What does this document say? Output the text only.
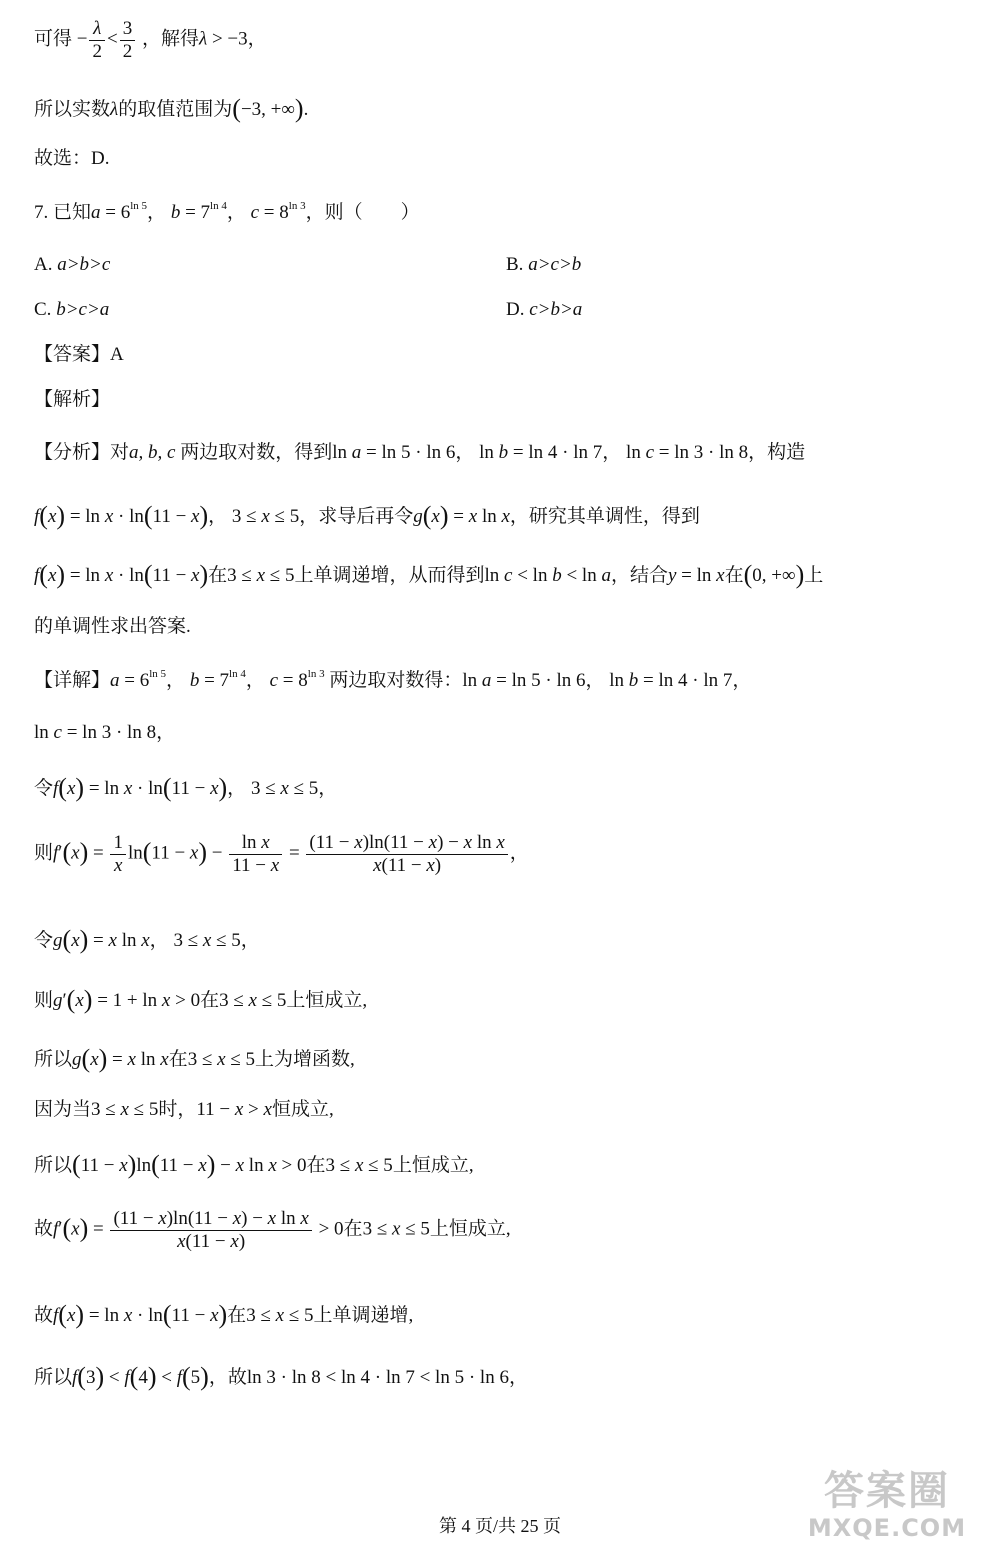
可得 − $\frac{\lambda}{2} < \frac{3}{2}$ ，解得λ > −3，
所以实数λ的取值范围为(−3, +∞).
故选：D.
7. 已知$a = 6^{ln 5}$， $b = 7^{ln 4}$， $c = 8^{ln 3}$，则（　　）
A. a>b>c	B. a>c>b
C. b>c>a	D. c>b>a
【答案】A
【解析】
【分析】对a, b, c 两边取对数，得到ln a = ln 5 · ln 6， ln b = ln 4 · ln 7， ln c = ln 3 · ln 8，构造
f(x) = ln x · ln(11 − x)， 3 ≤ x ≤ 5，求导后再令g(x) = x ln x，研究其单调性，得到
f(x) = ln x · ln(11 − x)在3 ≤ x ≤ 5上单调递增，从而得到ln c < ln b < ln a，结合y = ln x在(0, +∞)上
的单调性求出答案.
【详解】$a = 6^{ln 5}$， $b = 7^{ln 4}$， $c = 8^{ln 3}$ 两边取对数得：ln a = ln 5 · ln 6， ln b = ln 4 · ln 7，
ln c = ln 3 · ln 8，
令f(x) = ln x · ln(11 − x)， 3 ≤ x ≤ 5，
则$f'(x) = \frac{1}{x} \ln(11 - x) - \frac{\text{ln x}}{11 - x} = \frac{\text{(11 − x)ln(11 − x) − x ln x}}{x(11 - x)}$ ，
令g(x) = x ln x， 3 ≤ x ≤ 5，
则g′(x) = 1 + ln x > 0在3 ≤ x ≤ 5上恒成立,
所以g(x) = x ln x在3 ≤ x ≤ 5上为增函数,
因为当3 ≤ x ≤ 5时，11 − x > x恒成立,
所以(11 − x)ln(11 − x) − x ln x > 0在3 ≤ x ≤ 5上恒成立,
故$f'(x) = \frac{\text{(11 − x)ln(11 − x) − x ln x}}{x(11 - x)} > 0$在3 ≤ x ≤ 5上恒成立,
故f(x) = ln x · ln(11 − x)在3 ≤ x ≤ 5上单调递增,
所以f(3) < f(4) < f(5)，故ln 3 · ln 8 < ln 4 · ln 7 < ln 5 · ln 6，
第 4 页/共 25 页
答案圈
MXQE.COM
